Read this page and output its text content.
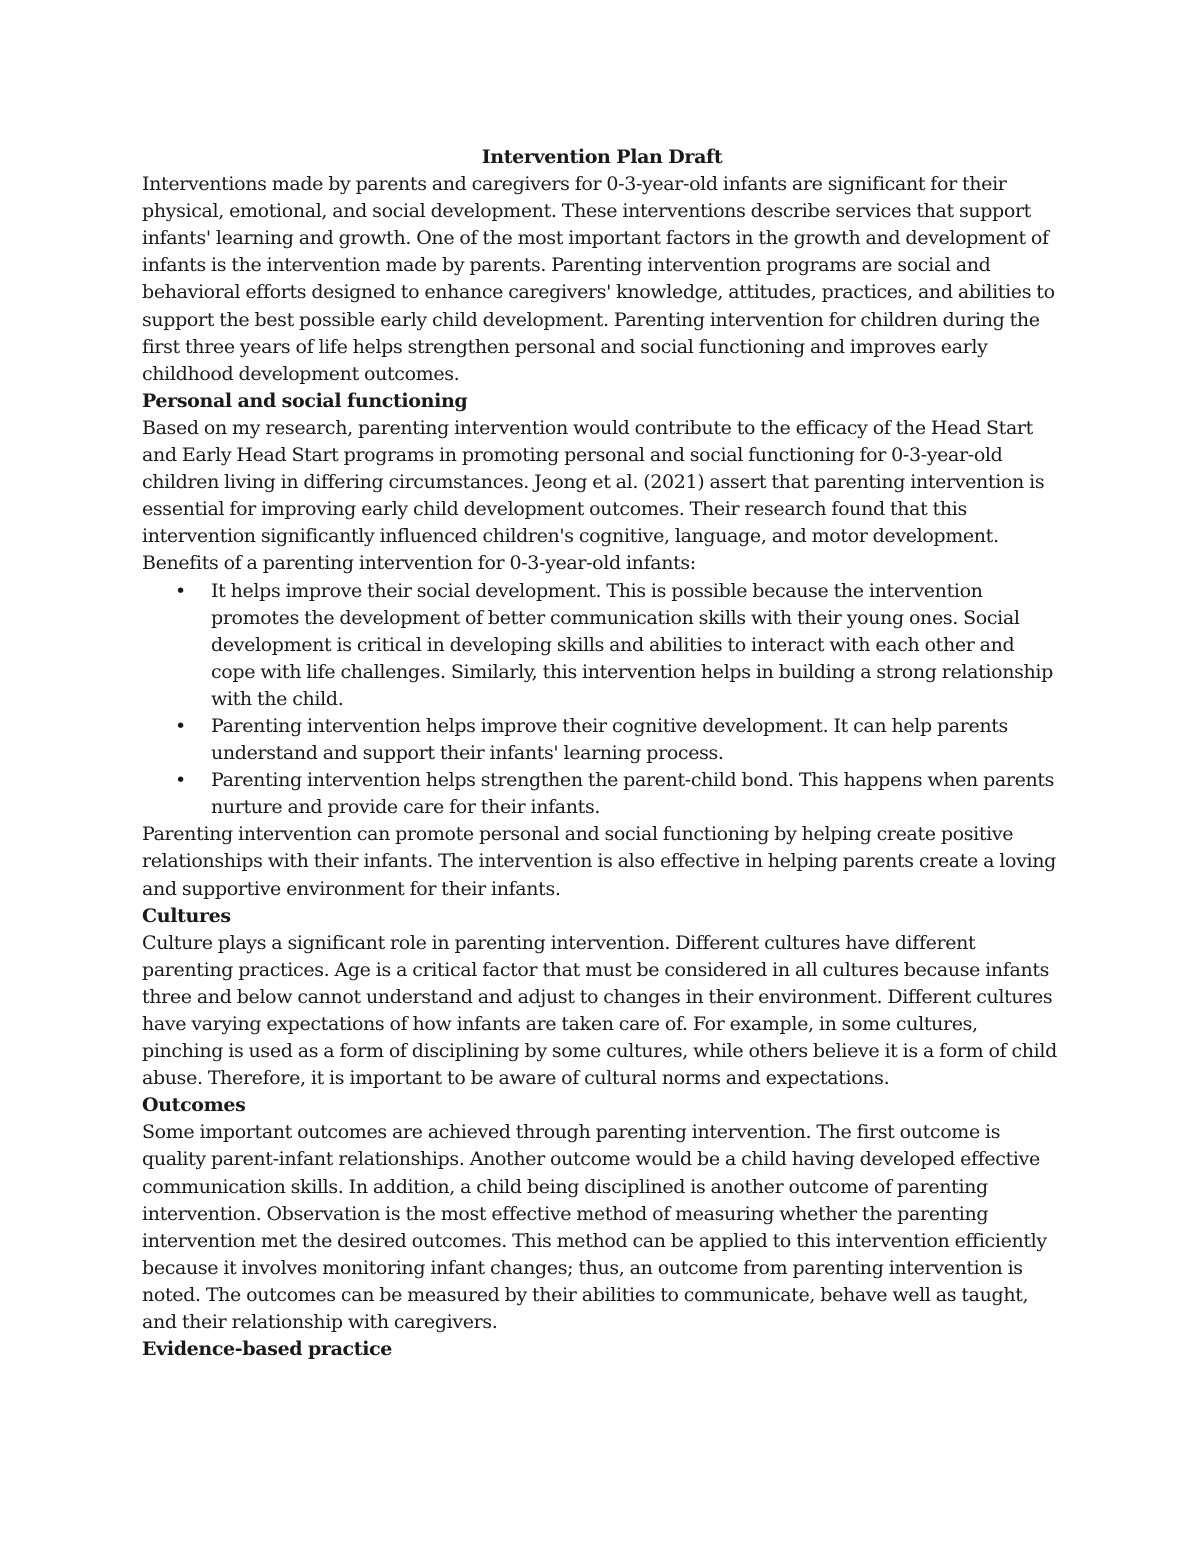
Intervention Plan Draft

Interventions made by parents and caregivers for 0-3-year-old infants are significant for their physical, emotional, and social development. These interventions describe services that support infants' learning and growth. One of the most important factors in the growth and development of infants is the intervention made by parents. Parenting intervention programs are social and behavioral efforts designed to enhance caregivers' knowledge, attitudes, practices, and abilities to support the best possible early child development. Parenting intervention for children during the first three years of life helps strengthen personal and social functioning and improves early childhood development outcomes.

Personal and social functioning

Based on my research, parenting intervention would contribute to the efficacy of the Head Start and Early Head Start programs in promoting personal and social functioning for 0-3-year-old children living in differing circumstances. Jeong et al. (2021) assert that parenting intervention is essential for improving early child development outcomes. Their research found that this intervention significantly influenced children's cognitive, language, and motor development.

Benefits of a parenting intervention for 0-3-year-old infants:

• It helps improve their social development. This is possible because the intervention promotes the development of better communication skills with their young ones. Social development is critical in developing skills and abilities to interact with each other and cope with life challenges. Similarly, this intervention helps in building a strong relationship with the child.
• Parenting intervention helps improve their cognitive development. It can help parents understand and support their infants' learning process.
• Parenting intervention helps strengthen the parent-child bond. This happens when parents nurture and provide care for their infants.

Parenting intervention can promote personal and social functioning by helping create positive relationships with their infants. The intervention is also effective in helping parents create a loving and supportive environment for their infants.

Cultures

Culture plays a significant role in parenting intervention. Different cultures have different parenting practices. Age is a critical factor that must be considered in all cultures because infants three and below cannot understand and adjust to changes in their environment. Different cultures have varying expectations of how infants are taken care of. For example, in some cultures, pinching is used as a form of disciplining by some cultures, while others believe it is a form of child abuse. Therefore, it is important to be aware of cultural norms and expectations.

Outcomes

Some important outcomes are achieved through parenting intervention. The first outcome is quality parent-infant relationships. Another outcome would be a child having developed effective communication skills. In addition, a child being disciplined is another outcome of parenting intervention. Observation is the most effective method of measuring whether the parenting intervention met the desired outcomes. This method can be applied to this intervention efficiently because it involves monitoring infant changes; thus, an outcome from parenting intervention is noted. The outcomes can be measured by their abilities to communicate, behave well as taught, and their relationship with caregivers.

Evidence-based practice
